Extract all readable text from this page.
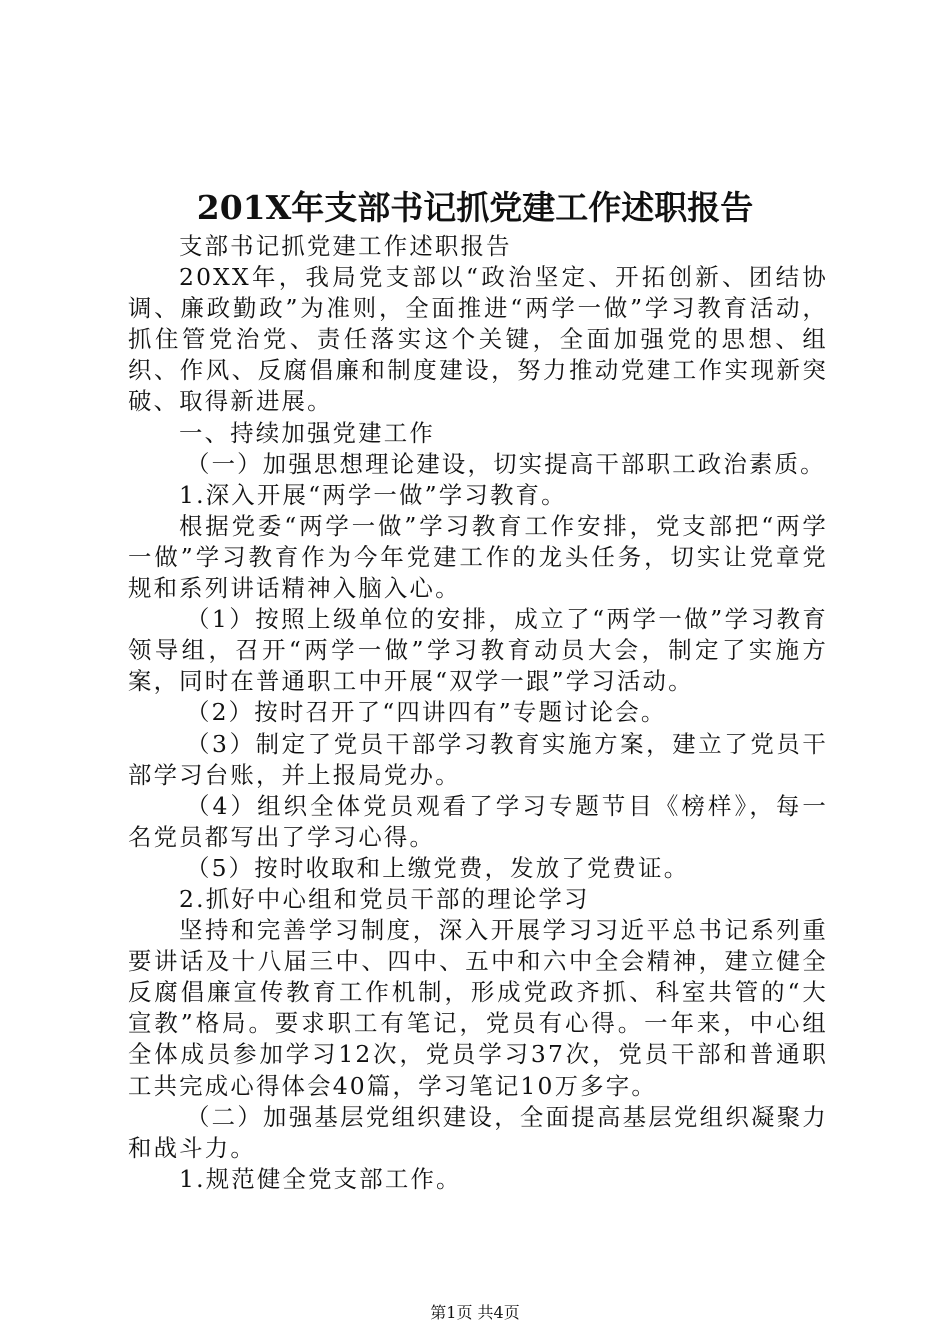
201X年支部书记抓党建工作述职报告

支部书记抓党建工作述职报告

20XX年，我局党支部以“政治坚定、开拓创新、团结协调、廉政勤政”为准则，全面推进“两学一做”学习教育活动，抓住管党治党、责任落实这个关键，全面加强党的思想、组织、作风、反腐倡廉和制度建设，努力推动党建工作实现新突破、取得新进展。

一、持续加强党建工作

（一）加强思想理论建设，切实提高干部职工政治素质。

1.深入开展“两学一做”学习教育。

根据党委“两学一做”学习教育工作安排，党支部把“两学一做”学习教育作为今年党建工作的龙头任务，切实让党章党规和系列讲话精神入脑入心。

（1）按照上级单位的安排，成立了“两学一做”学习教育领导组，召开“两学一做”学习教育动员大会，制定了实施方案，同时在普通职工中开展“双学一跟”学习活动。

（2）按时召开了“四讲四有”专题讨论会。

（3）制定了党员干部学习教育实施方案，建立了党员干部学习台账，并上报局党办。

（4）组织全体党员观看了学习专题节目《榜样》，每一名党员都写出了学习心得。

（5）按时收取和上缴党费，发放了党费证。

2.抓好中心组和党员干部的理论学习

坚持和完善学习制度，深入开展学习习近平总书记系列重要讲话及十八届三中、四中、五中和六中全会精神，建立健全反腐倡廉宣传教育工作机制，形成党政齐抓、科室共管的“大宣教”格局。要求职工有笔记，党员有心得。一年来，中心组全体成员参加学习12次，党员学习37次，党员干部和普通职工共完成心得体会40篇，学习笔记10万多字。

（二）加强基层党组织建设，全面提高基层党组织凝聚力和战斗力。

1.规范健全党支部工作。

第1页 共4页
